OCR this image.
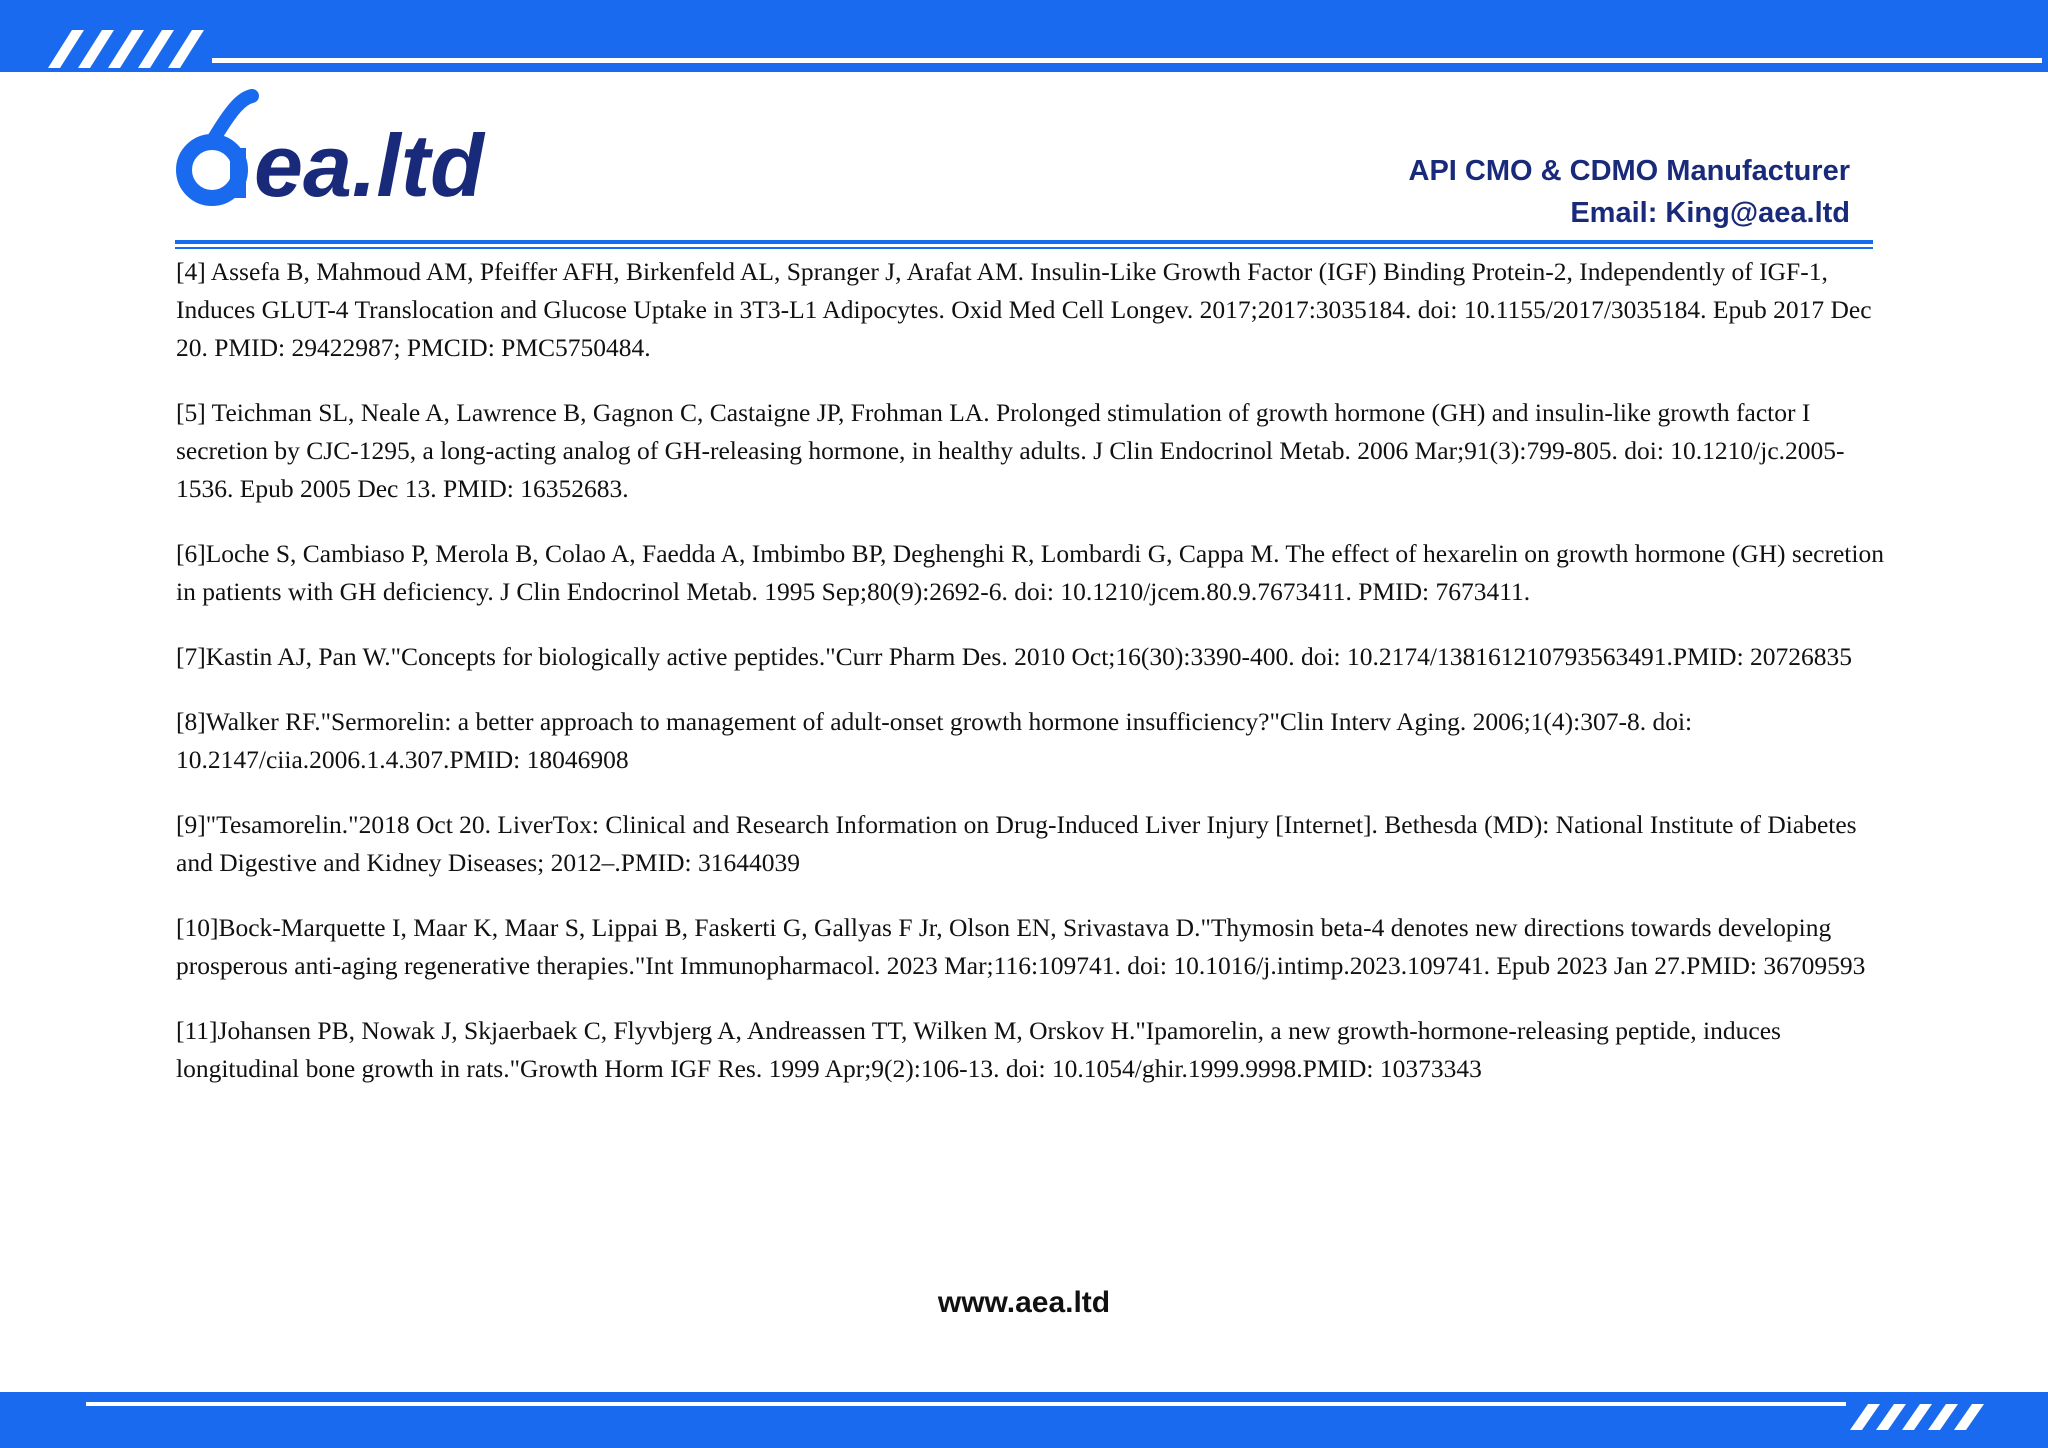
ea.ltd	API CMO & CDMO Manufacturer
Email: King@aea.ltd

[4] Assefa B, Mahmoud AM, Pfeiffer AFH, Birkenfeld AL, Spranger J, Arafat AM. Insulin-Like Growth Factor (IGF) Binding Protein-2, Independently of IGF-1, Induces GLUT-4 Translocation and Glucose Uptake in 3T3-L1 Adipocytes. Oxid Med Cell Longev. 2017;2017:3035184. doi: 10.1155/2017/3035184. Epub 2017 Dec 20. PMID: 29422987; PMCID: PMC5750484.

[5] Teichman SL, Neale A, Lawrence B, Gagnon C, Castaigne JP, Frohman LA. Prolonged stimulation of growth hormone (GH) and insulin-like growth factor I secretion by CJC-1295, a long-acting analog of GH-releasing hormone, in healthy adults. J Clin Endocrinol Metab. 2006 Mar;91(3):799-805. doi: 10.1210/jc.2005-1536. Epub 2005 Dec 13. PMID: 16352683.

[6]Loche S, Cambiaso P, Merola B, Colao A, Faedda A, Imbimbo BP, Deghenghi R, Lombardi G, Cappa M. The effect of hexarelin on growth hormone (GH) secretion in patients with GH deficiency. J Clin Endocrinol Metab. 1995 Sep;80(9):2692-6. doi: 10.1210/jcem.80.9.7673411. PMID: 7673411.

[7]Kastin AJ, Pan W."Concepts for biologically active peptides."Curr Pharm Des. 2010 Oct;16(30):3390-400. doi: 10.2174/138161210793563491.PMID: 20726835

[8]Walker RF."Sermorelin: a better approach to management of adult-onset growth hormone insufficiency?"Clin Interv Aging. 2006;1(4):307-8. doi: 10.2147/ciia.2006.1.4.307.PMID: 18046908

[9]"Tesamorelin."2018 Oct 20. LiverTox: Clinical and Research Information on Drug-Induced Liver Injury [Internet]. Bethesda (MD): National Institute of Diabetes and Digestive and Kidney Diseases; 2012–.PMID: 31644039

[10]Bock-Marquette I, Maar K, Maar S, Lippai B, Faskerti G, Gallyas F Jr, Olson EN, Srivastava D."Thymosin beta-4 denotes new directions towards developing prosperous anti-aging regenerative therapies."Int Immunopharmacol. 2023 Mar;116:109741. doi: 10.1016/j.intimp.2023.109741. Epub 2023 Jan 27.PMID: 36709593

[11]Johansen PB, Nowak J, Skjaerbaek C, Flyvbjerg A, Andreassen TT, Wilken M, Orskov H."Ipamorelin, a new growth-hormone-releasing peptide, induces longitudinal bone growth in rats."Growth Horm IGF Res. 1999 Apr;9(2):106-13. doi: 10.1054/ghir.1999.9998.PMID: 10373343

www.aea.ltd
